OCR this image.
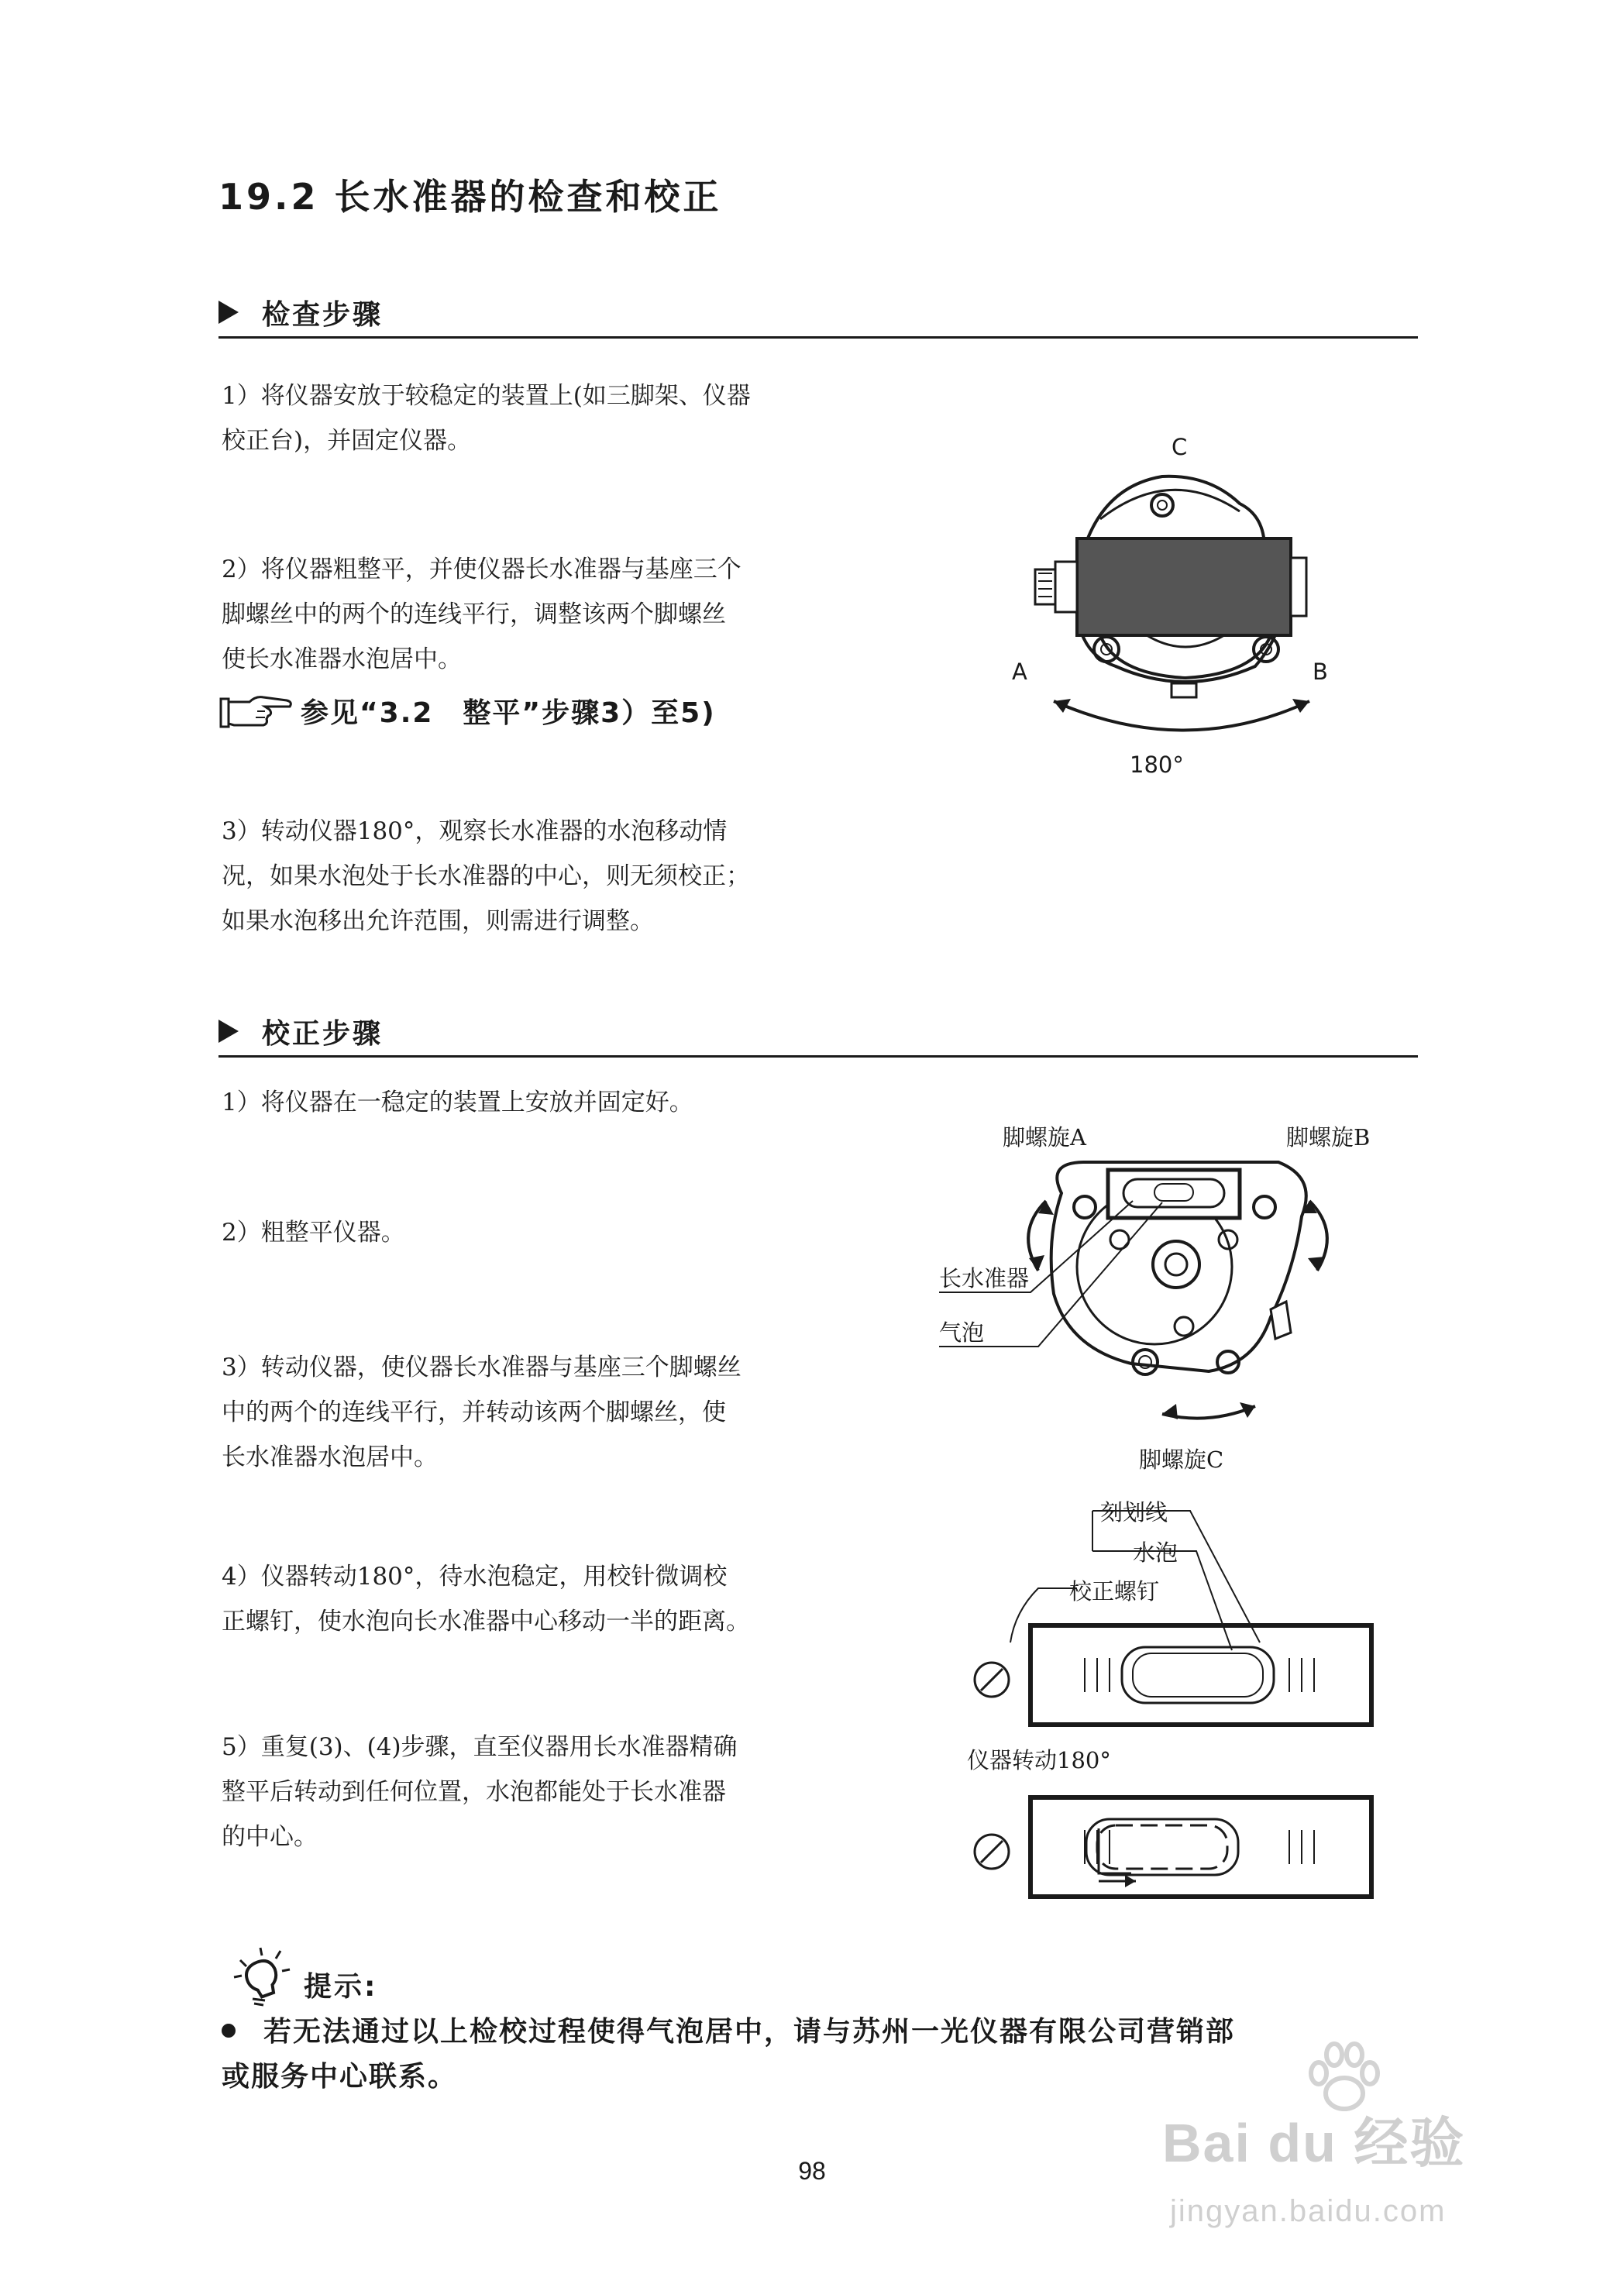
19.2 长水准器的检查和校正
检查步骤
1）将仪器安放于较稳定的装置上(如三脚架、仪器
校正台)，并固定仪器。
2）将仪器粗整平，并使仪器长水准器与基座三个
脚螺丝中的两个的连线平行，调整该两个脚螺丝
使长水准器水泡居中。
参见“3.2　整平”步骤3）至5)
3）转动仪器180°，观察长水准器的水泡移动情
况，如果水泡处于长水准器的中心，则无须校正；
如果水泡移出允许范围，则需进行调整。
C
A	B
180°
校正步骤
1）将仪器在一稳定的装置上安放并固定好。
2）粗整平仪器。
3）转动仪器，使仪器长水准器与基座三个脚螺丝
中的两个的连线平行，并转动该两个脚螺丝，使
长水准器水泡居中。
4）仪器转动180°，待水泡稳定，用校针微调校
正螺钉，使水泡向长水准器中心移动一半的距离。
5）重复(3)、(4)步骤，直至仪器用长水准器精确
整平后转动到任何位置，水泡都能处于长水准器
的中心。
脚螺旋A	脚螺旋B
长水准器
气泡
脚螺旋C
刻划线
水泡
校正螺钉
仪器转动180°
提示:
若无法通过以上检校过程使得气泡居中，请与苏州一光仪器有限公司营销部
或服务中心联系。
98	Bai du 经验
jingyan.baidu.com
